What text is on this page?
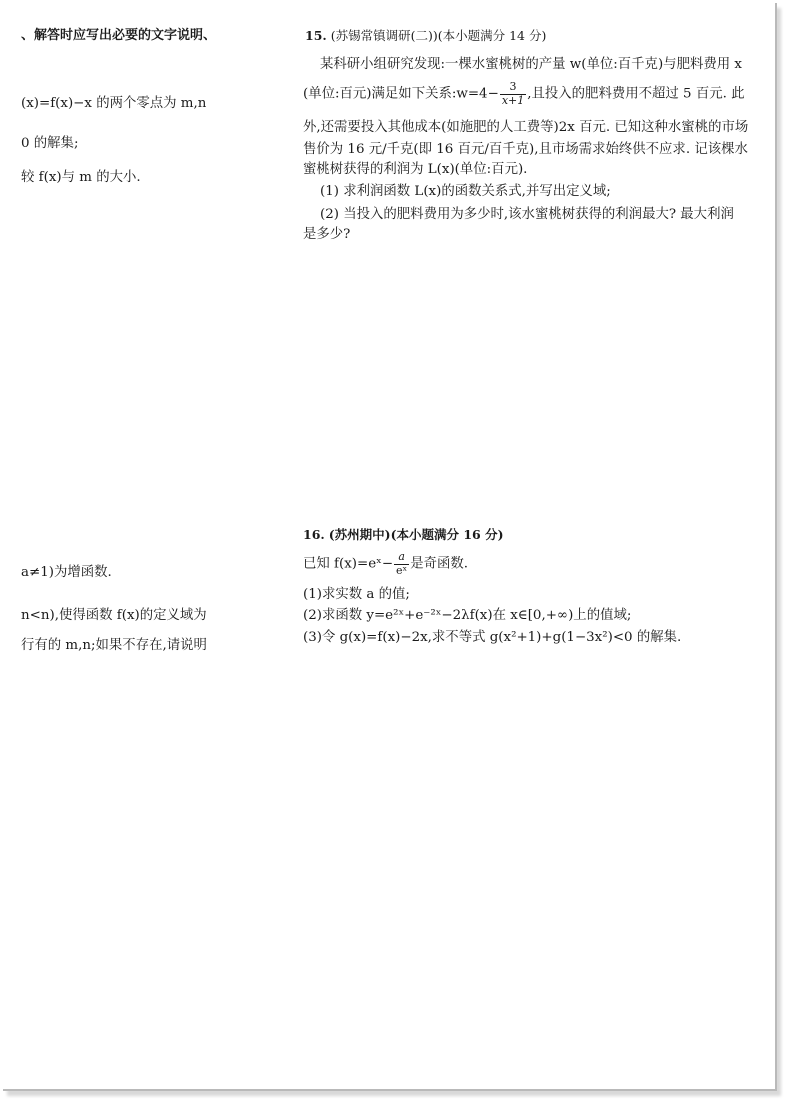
、解答时应写出必要的文字说明、
(x)=f(x)−x 的两个零点为 m,n
0 的解集;
较 f(x)与 m 的大小.
a≠1)为增函数.
n<n),使得函数 f(x)的定义域为
行有的 m,n;如果不存在,请说明
15. (苏锡常镇调研(二))(本小题满分 14 分)
某科研小组研究发现:一棵水蜜桃树的产量 w(单位:百千克)与肥料费用 x
(单位:百元)满足如下关系:w=4− $\frac{3}{x+1}$ ,且投入的肥料费用不超过 5 百元. 此
外,还需要投入其他成本(如施肥的人工费等)2x 百元. 已知这种水蜜桃的市场
售价为 16 元/千克(即 16 百元/百千克),且市场需求始终供不应求. 记该棵水
蜜桃树获得的利润为 L(x)(单位:百元).
(1) 求利润函数 L(x)的函数关系式,并写出定义域;
(2) 当投入的肥料费用为多少时,该水蜜桃树获得的利润最大? 最大利润
是多少?
16. (苏州期中)(本小题满分 16 分)
已知 f(x)=eˣ− $\frac{a}{\text{eˣ}}$ 是奇函数.
(1)求实数 a 的值;
(2)求函数 y=e²ˣ+e⁻²ˣ−2λf(x)在 x∈[0,+∞)上的值域;
(3)令 g(x)=f(x)−2x,求不等式 g(x²+1)+g(1−3x²)<0 的解集.
